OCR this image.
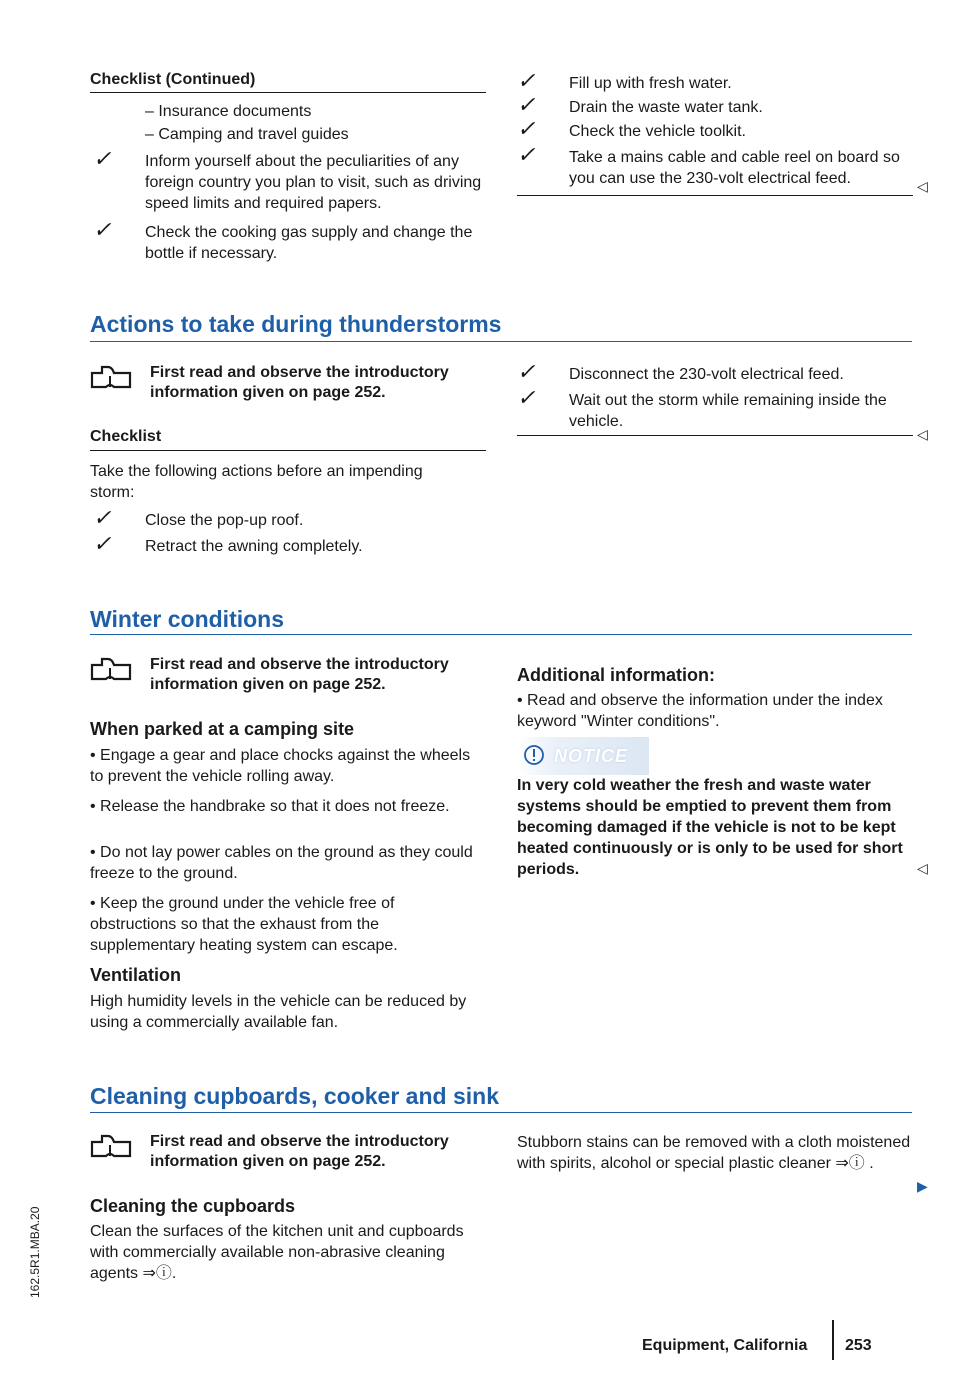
Checklist (Continued)
– Insurance documents
– Camping and travel guides
✓	Inform yourself about the peculiarities of any foreign country you plan to visit, such as driving speed limits and required papers.
✓	Check the cooking gas supply and change the bottle if necessary.
✓	Fill up with fresh water.
✓	Drain the waste water tank.
✓	Check the vehicle toolkit.
✓	Take a mains cable and cable reel on board so you can use the 230-volt electrical feed.	◁
Actions to take during thunderstorms
First read and observe the introductory information given on page 252.
Checklist
Take the following actions before an impending storm:
✓	Close the pop-up roof.
✓	Retract the awning completely.
✓	Disconnect the 230-volt electrical feed.
✓	Wait out the storm while remaining inside the vehicle.
◁
Winter conditions
First read and observe the introductory information given on page 252.
When parked at a camping site
• Engage a gear and place chocks against the wheels to prevent the vehicle rolling away.
• Release the handbrake so that it does not freeze.
• Do not lay power cables on the ground as they could freeze to the ground.
• Keep the ground under the vehicle free of obstructions so that the exhaust from the supplementary heating system can escape.
Ventilation
High humidity levels in the vehicle can be reduced by using a commercially available fan.
Additional information:
• Read and observe the information under the index keyword "Winter conditions".
NOTICE
In very cold weather the fresh and waste water systems should be emptied to prevent them from becoming damaged if the vehicle is not to be kept heated continuously or is only to be used for short periods.	◁
Cleaning cupboards, cooker and sink
First read and observe the introductory information given on page 252.
Cleaning the cupboards
Clean the surfaces of the kitchen unit and cupboards with commercially available non-abrasive cleaning agents ⇒ⓘ.
Stubborn stains can be removed with a cloth moistened with spirits, alcohol or special plastic cleaner ⇒ⓘ .
▶
Equipment, California 253
162.5R1.MBA.20
